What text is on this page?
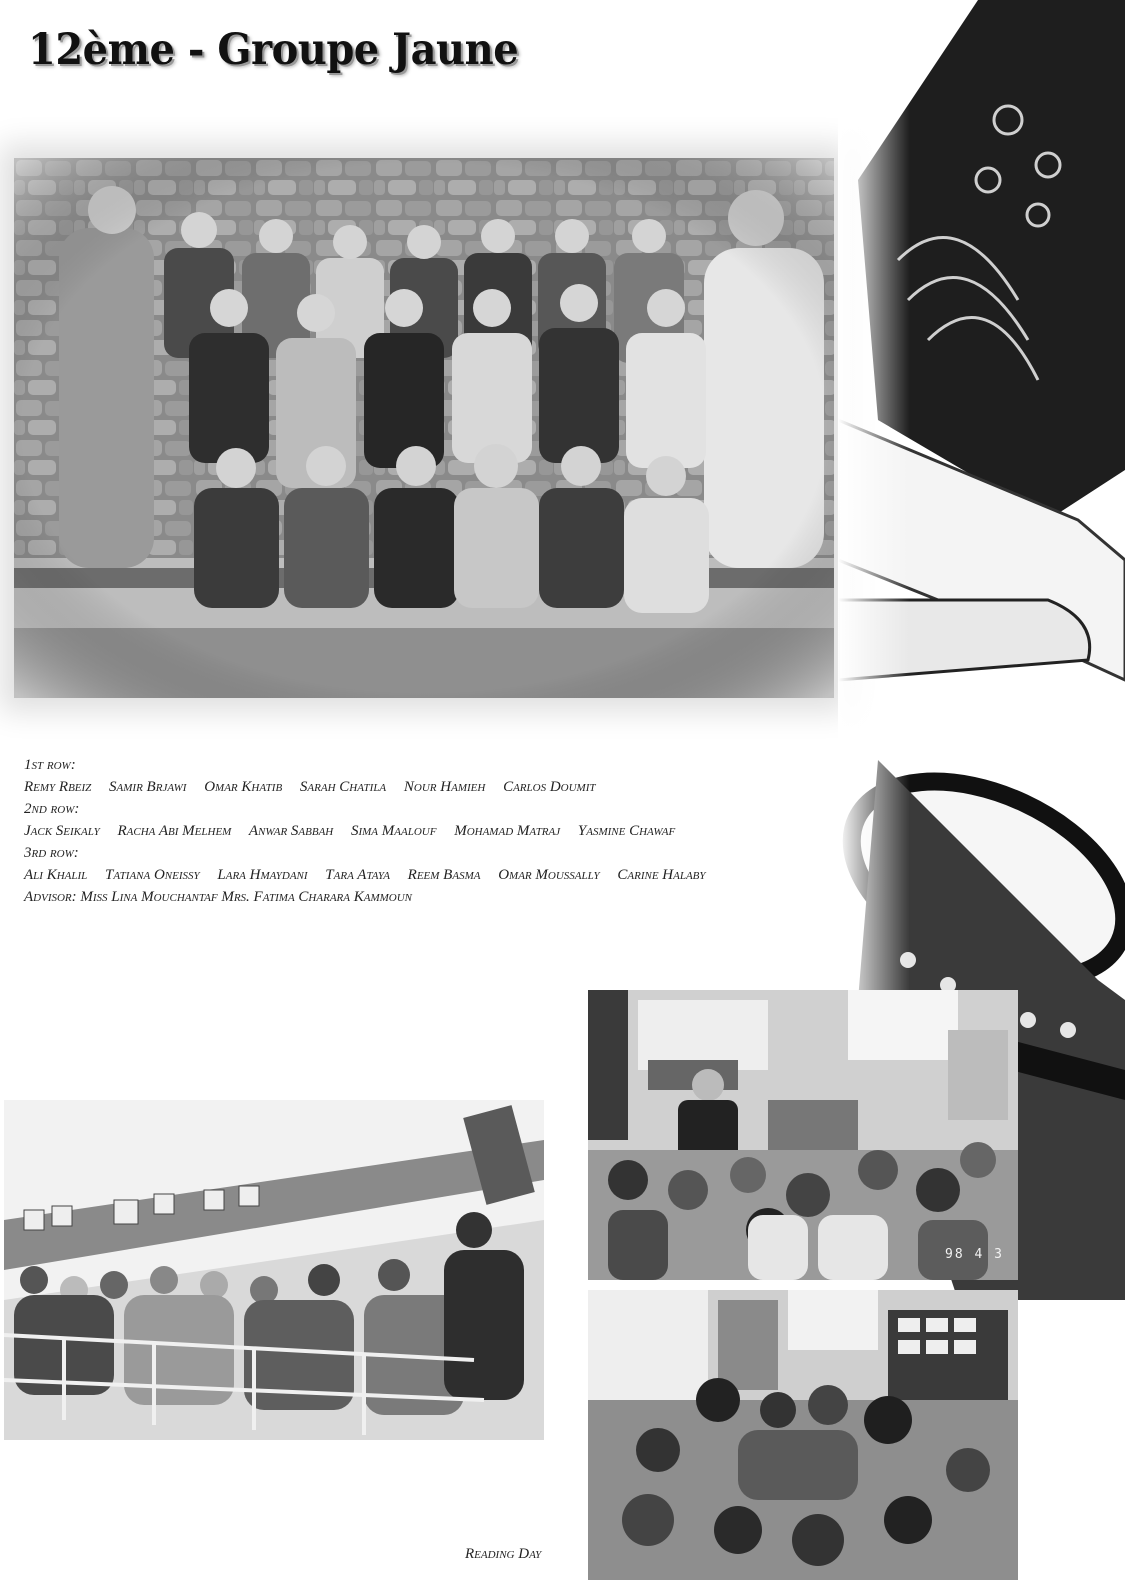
12ème - Groupe Jaune
1st row:
Remy Rbeiz Samir Brjawi Omar Khatib Sarah Chatila Nour Hamieh Carlos Doumit
2nd row:
Jack Seikaly Racha Abi Melhem Anwar Sabbah Sima Maalouf Mohamad Matraj Yasmine Chawaf
3rd row:
Ali Khalil Tatiana Oneissy Lara Hmaydani Tara Ataya Reem Basma Omar Moussally Carine Halaby
Advisor: Miss Lina Mouchantaf Mrs. Fatima Charara Kammoun
98 4 3
Reading Day
